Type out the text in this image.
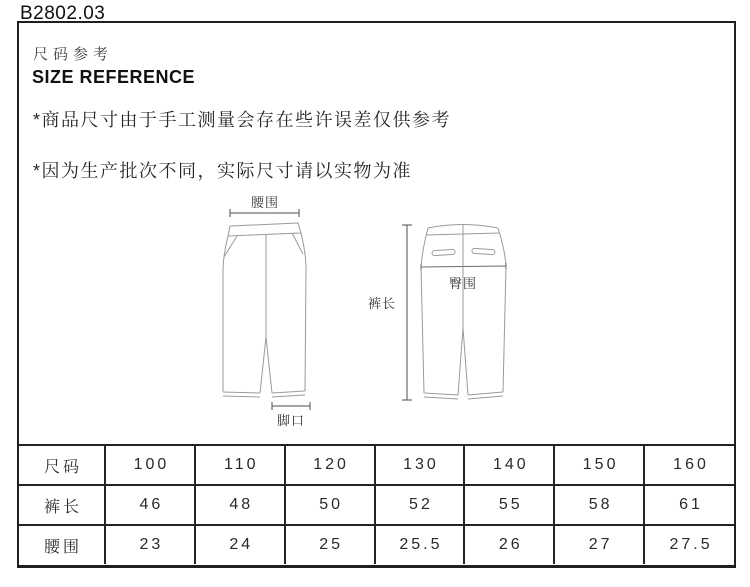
B2802.03
尺码参考
SIZE REFERENCE
*商品尺寸由于手工测量会存在些许误差仅供参考
*因为生产批次不同，实际尺寸请以实物为准
腰围
脚口
裤长
臀围
尺码	100	110	120	130	140	150	160
裤长	46	48	50	52	55	58	61
腰围	23	24	25	25.5	26	27	27.5
